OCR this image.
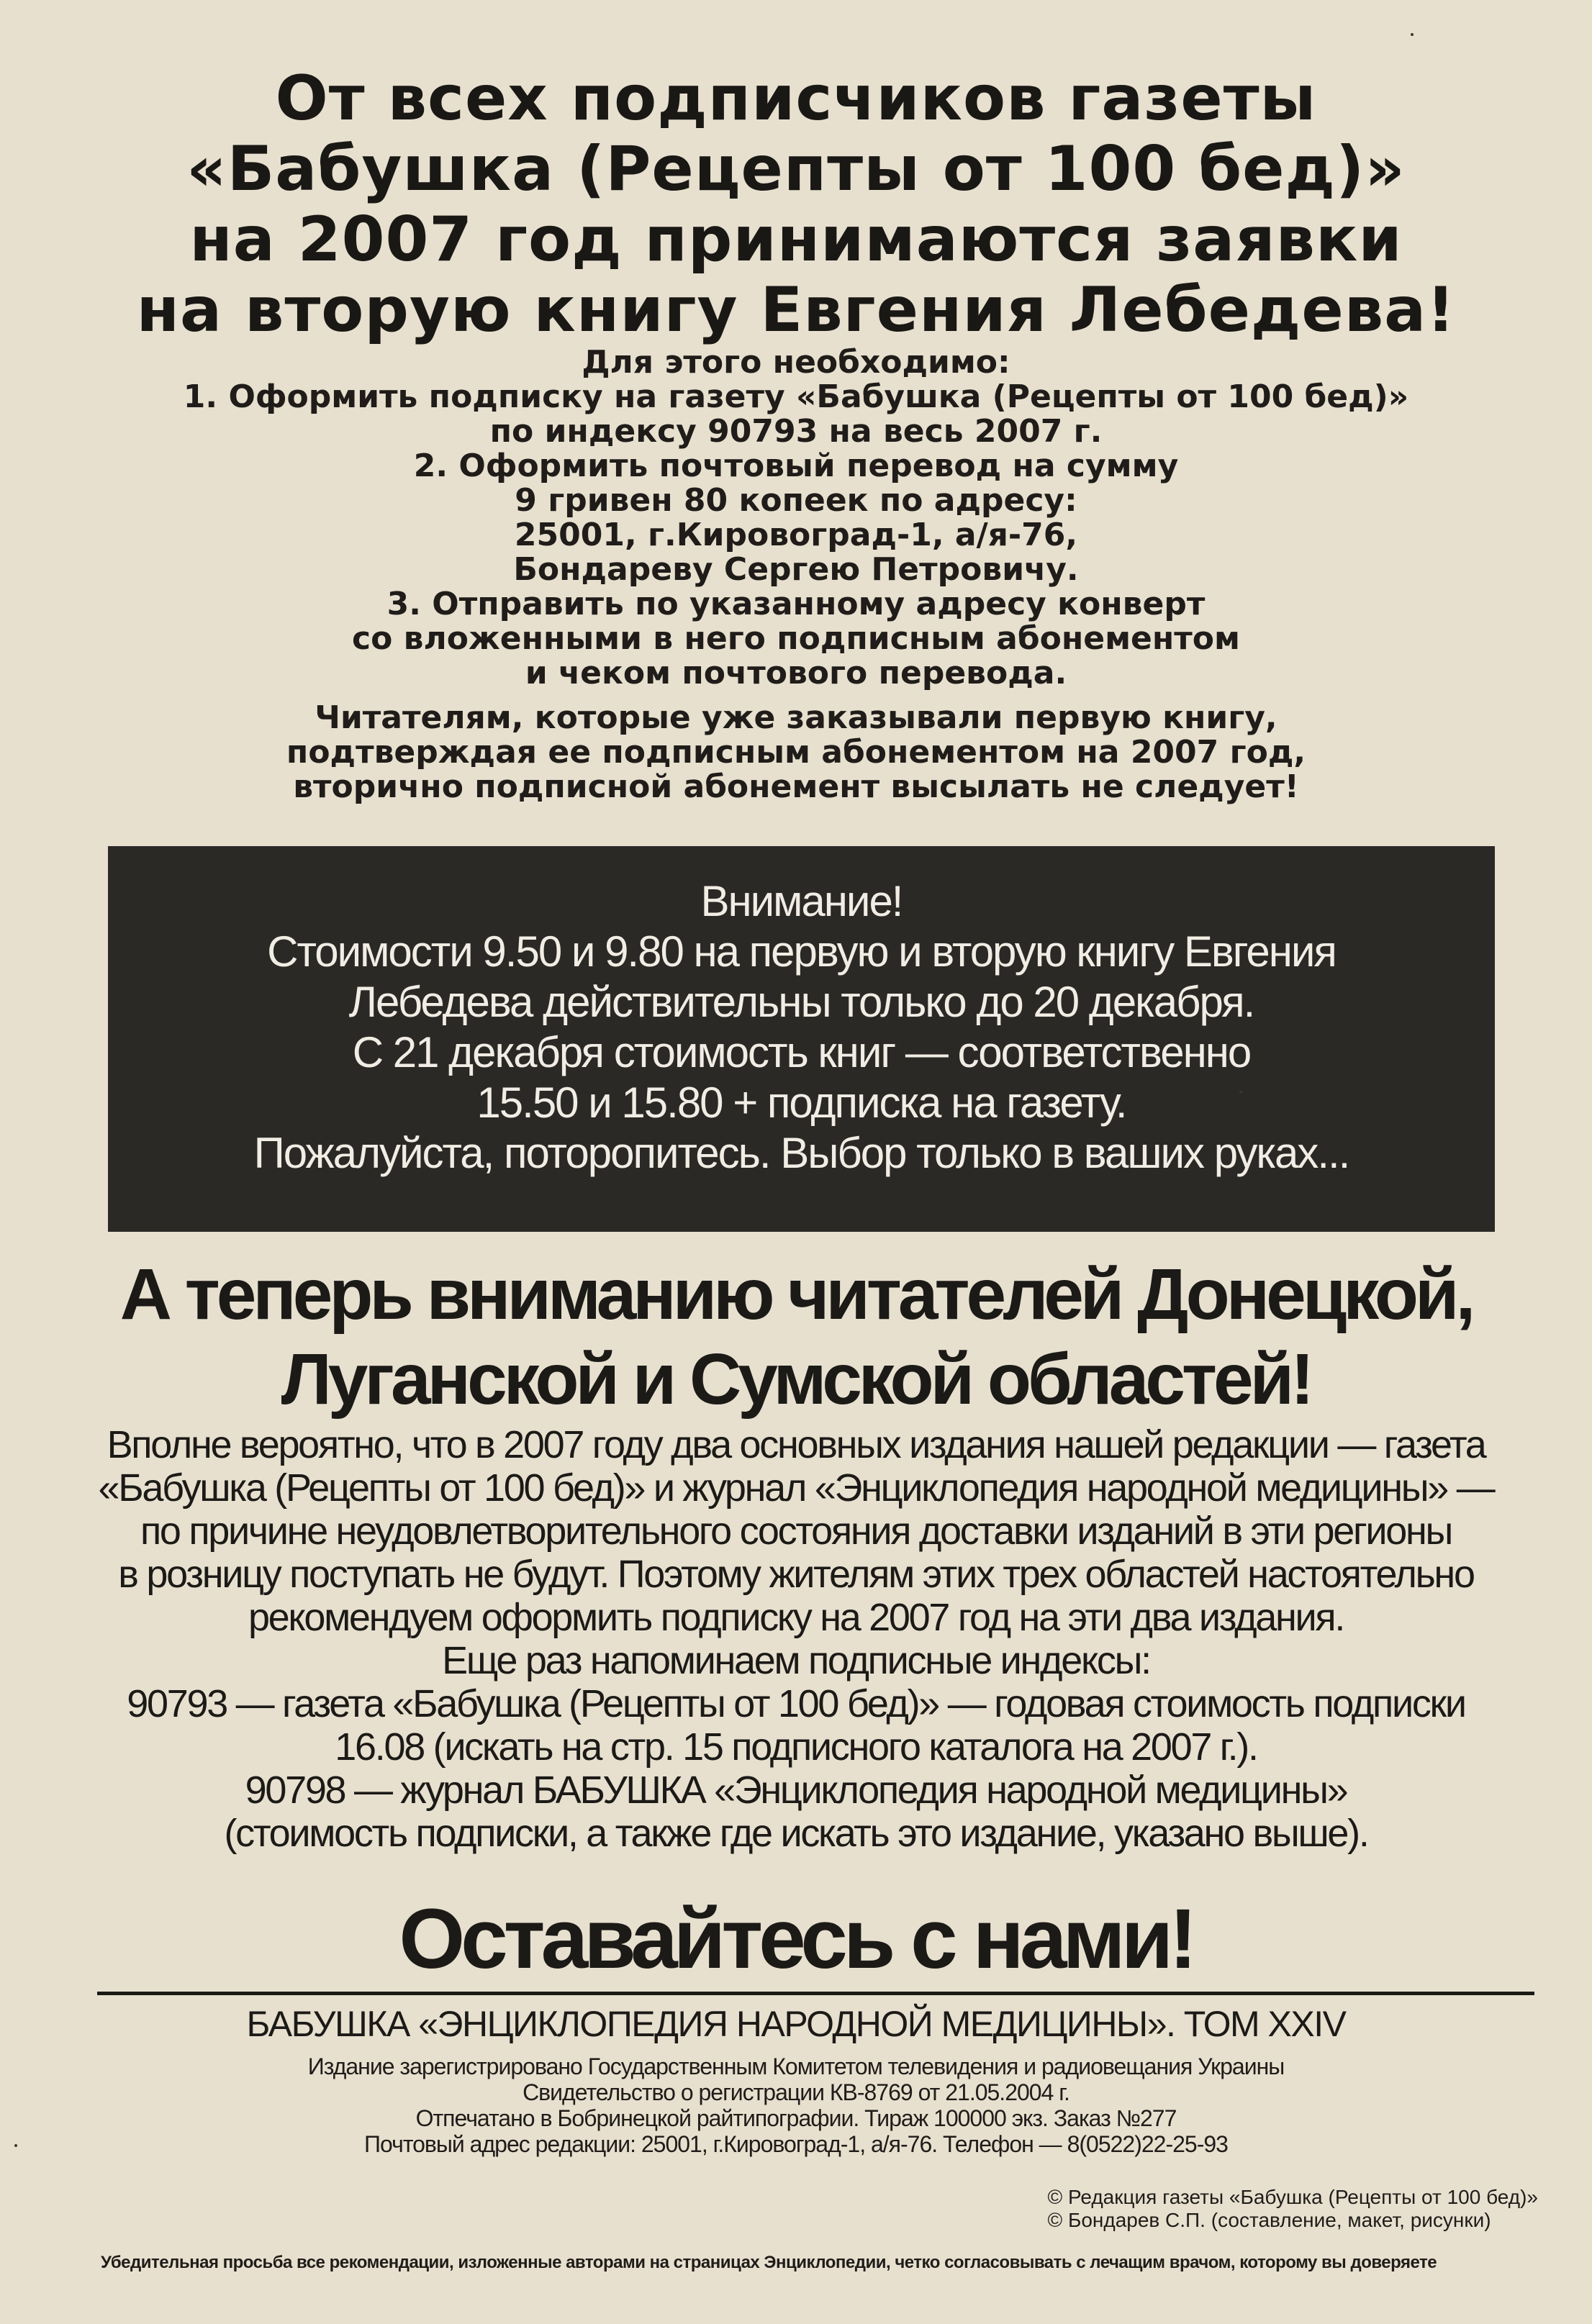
От всех подписчиков газеты
«Бабушка (Рецепты от 100 бед)»
на 2007 год принимаются заявки
на вторую книгу Евгения Лебедева!
Для этого необходимо:
1. Оформить подписку на газету «Бабушка (Рецепты от 100 бед)»
по индексу 90793 на весь 2007 г.
2. Оформить почтовый перевод на сумму
9 гривен 80 копеек по адресу:
25001, г.Кировоград-1, а/я-76,
Бондареву Сергею Петровичу.
3. Отправить по указанному адресу конверт
со вложенными в него подписным абонементом
и чеком почтового перевода.
Читателям, которые уже заказывали первую книгу,
подтверждая ее подписным абонементом на 2007 год,
вторично подписной абонемент высылать не следует!
Внимание!
Стоимости 9.50 и 9.80 на первую и вторую книгу Евгения
Лебедева действительны только до 20 декабря.
С 21 декабря стоимость книг — соответственно
15.50 и 15.80 + подписка на газету.
Пожалуйста, поторопитесь. Выбор только в ваших руках...
А теперь вниманию читателей Донецкой,
Луганской и Сумской областей!
Вполне вероятно, что в 2007 году два основных издания нашей редакции — газета
«Бабушка (Рецепты от 100 бед)» и журнал «Энциклопедия народной медицины» —
по причине неудовлетворительного состояния доставки изданий в эти регионы
в розницу поступать не будут. Поэтому жителям этих трех областей настоятельно
рекомендуем оформить подписку на 2007 год на эти два издания.
Еще раз напоминаем подписные индексы:
90793 — газета «Бабушка (Рецепты от 100 бед)» — годовая стоимость подписки
16.08 (искать на стр. 15 подписного каталога на 2007 г.).
90798 — журнал БАБУШКА «Энциклопедия народной медицины»
(стоимость подписки, а также где искать это издание, указано выше).
Оставайтесь с нами!
БАБУШКА «ЭНЦИКЛОПЕДИЯ НАРОДНОЙ МЕДИЦИНЫ». ТОМ XXIV
Издание зарегистрировано Государственным Комитетом телевидения и радиовещания Украины
Свидетельство о регистрации КВ-8769 от 21.05.2004 г.
Отпечатано в Бобринецкой райтипографии. Тираж 100000 экз. Заказ №277
Почтовый адрес редакции: 25001, г.Кировоград-1, а/я-76. Телефон — 8(0522)22-25-93
© Редакция газеты «Бабушка (Рецепты от 100 бед)»
© Бондарев С.П. (составление, макет, рисунки)
Убедительная просьба все рекомендации, изложенные авторами на страницах Энциклопедии, четко согласовывать с лечащим врачом, которому вы доверяете
